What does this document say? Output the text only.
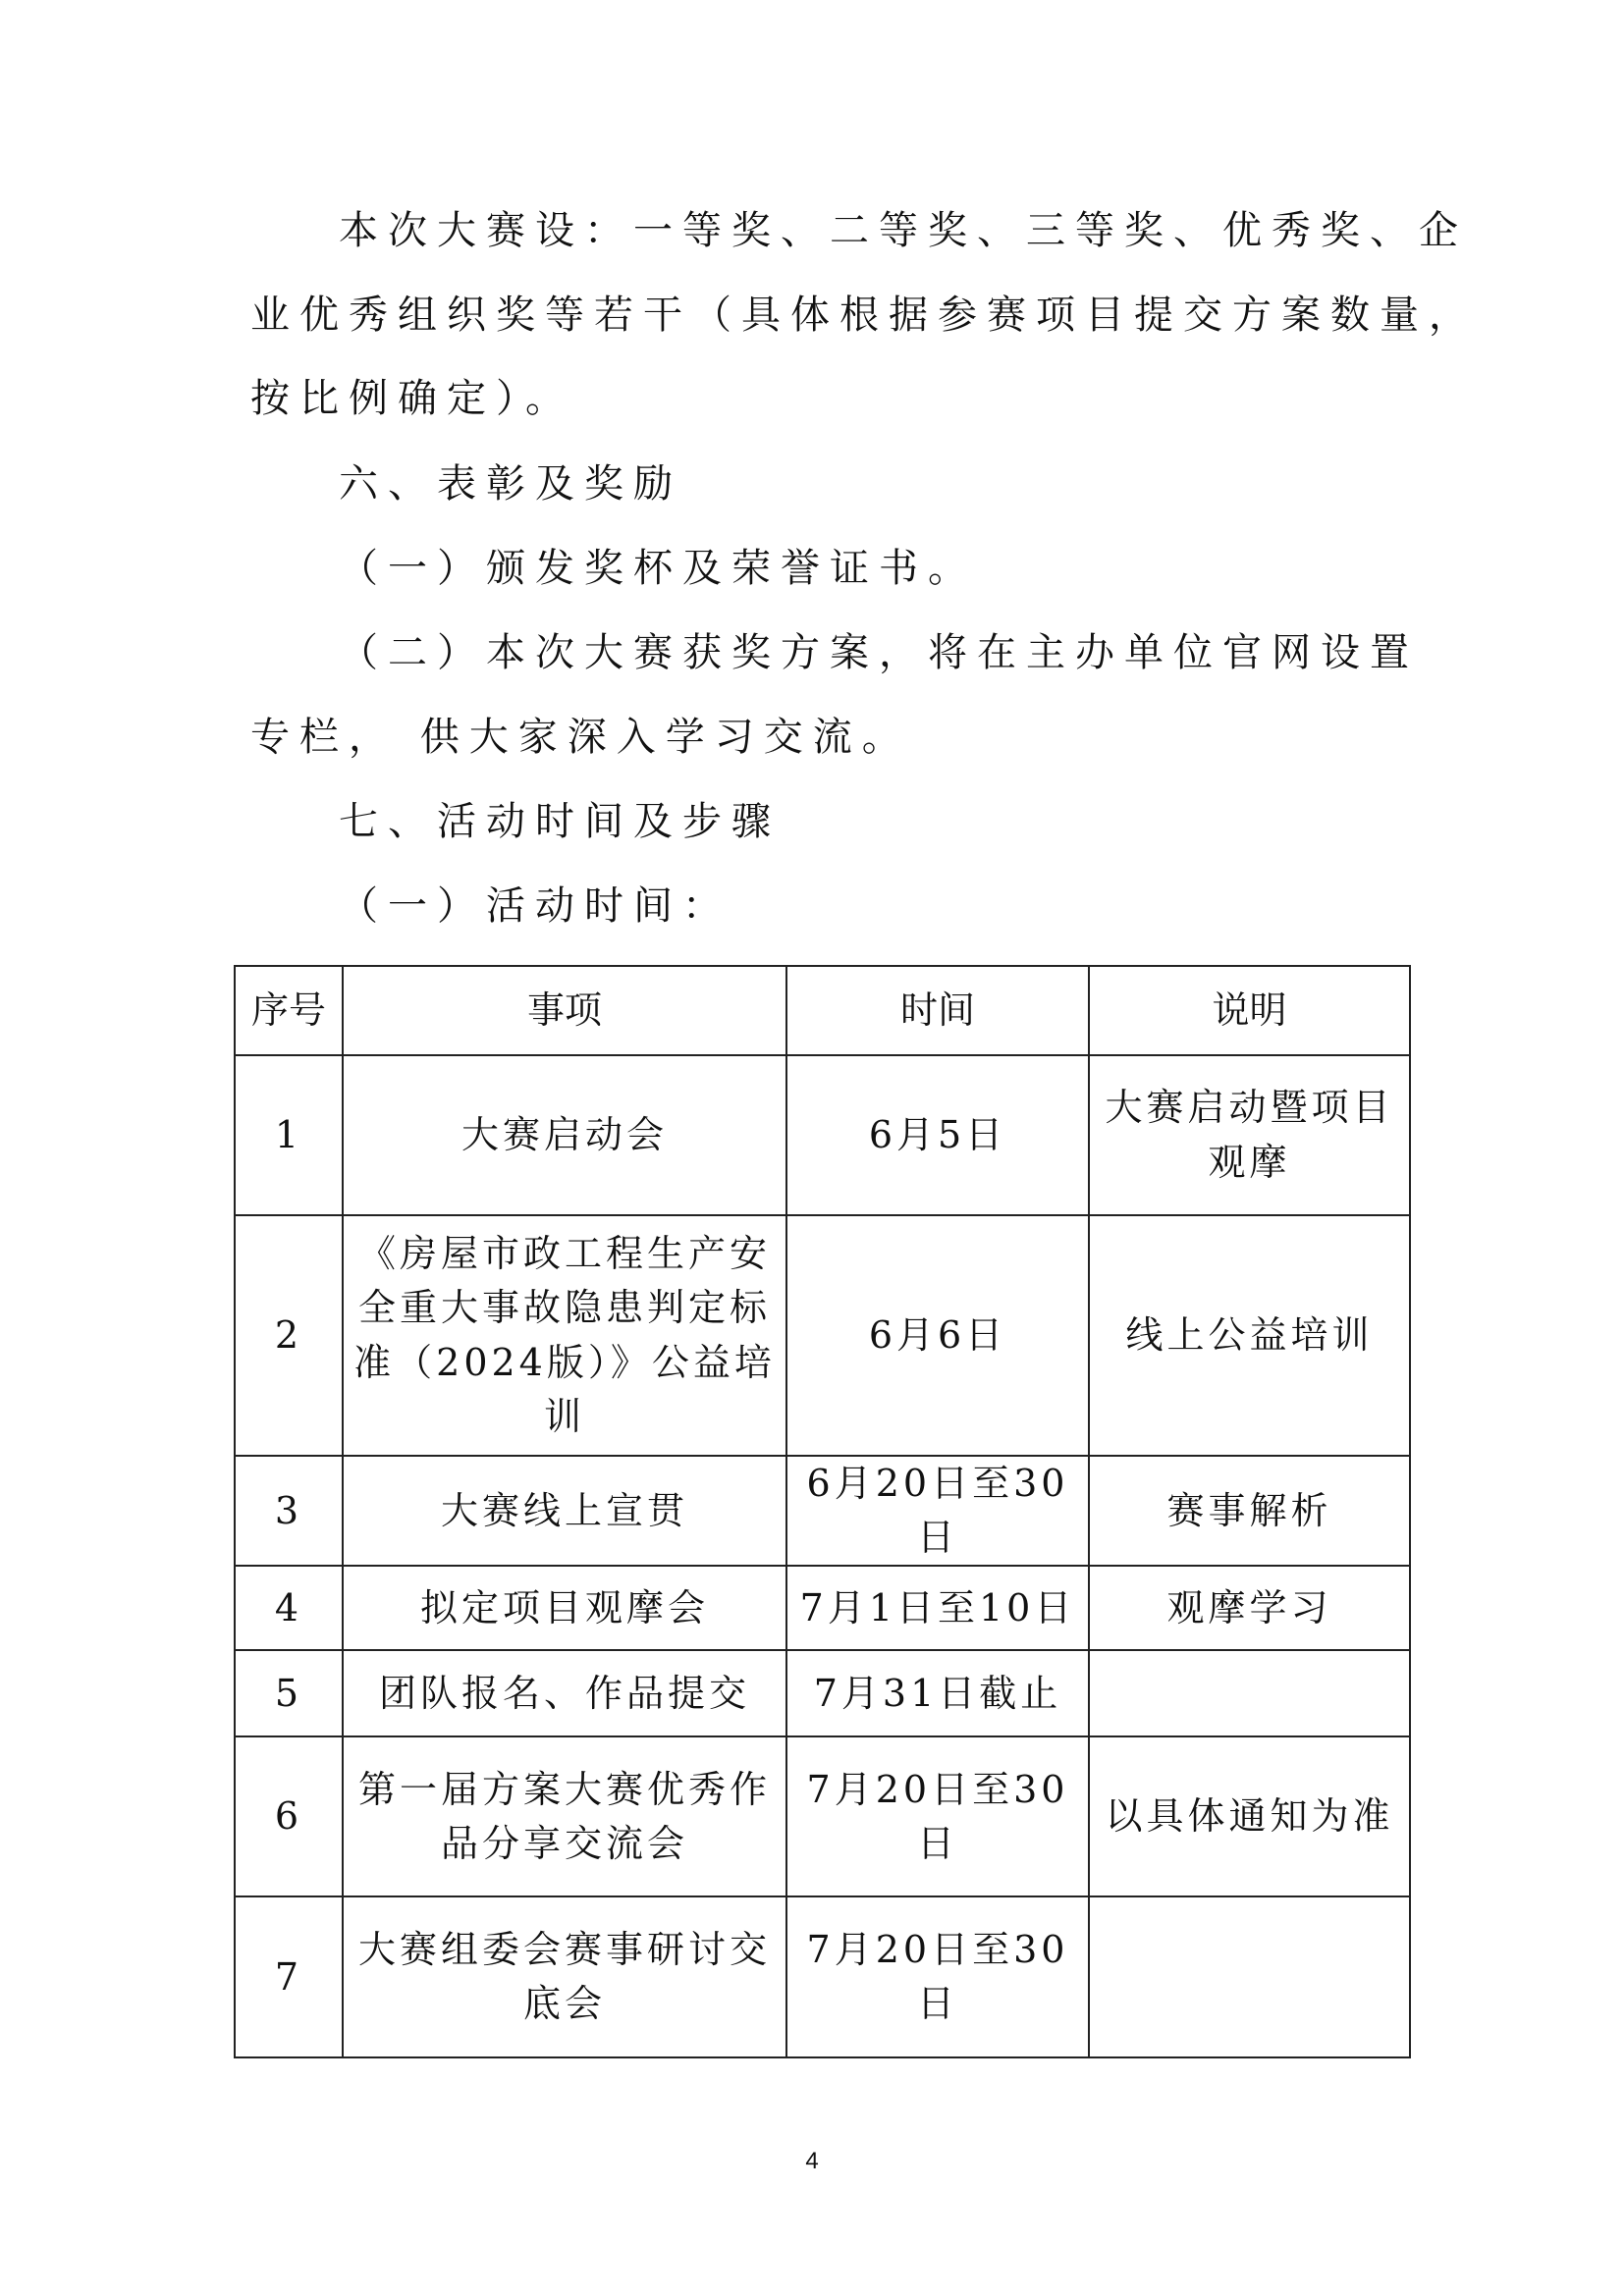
本次大赛设：一等奖、二等奖、三等奖、优秀奖、企
业优秀组织奖等若干（具体根据参赛项目提交方案数量，
按比例确定）。
六、表彰及奖励
（一）颁发奖杯及荣誉证书。
（二）本次大赛获奖方案，将在主办单位官网设置
专栏， 供大家深入学习交流。
七、活动时间及步骤
（一）活动时间：
序号	事项	时间	说明
1	大赛启动会	6月5日	大赛启动暨项目观摩
2	《房屋市政工程生产安全重大事故隐患判定标准（2024版）》公益培训	6月6日	线上公益培训
3	大赛线上宣贯	6月20日至30日	赛事解析
4	拟定项目观摩会	7月1日至10日	观摩学习
5	团队报名、作品提交	7月31日截止	
6	第一届方案大赛优秀作品分享交流会	7月20日至30日	以具体通知为准
7	大赛组委会赛事研讨交底会	7月20日至30日	
4
